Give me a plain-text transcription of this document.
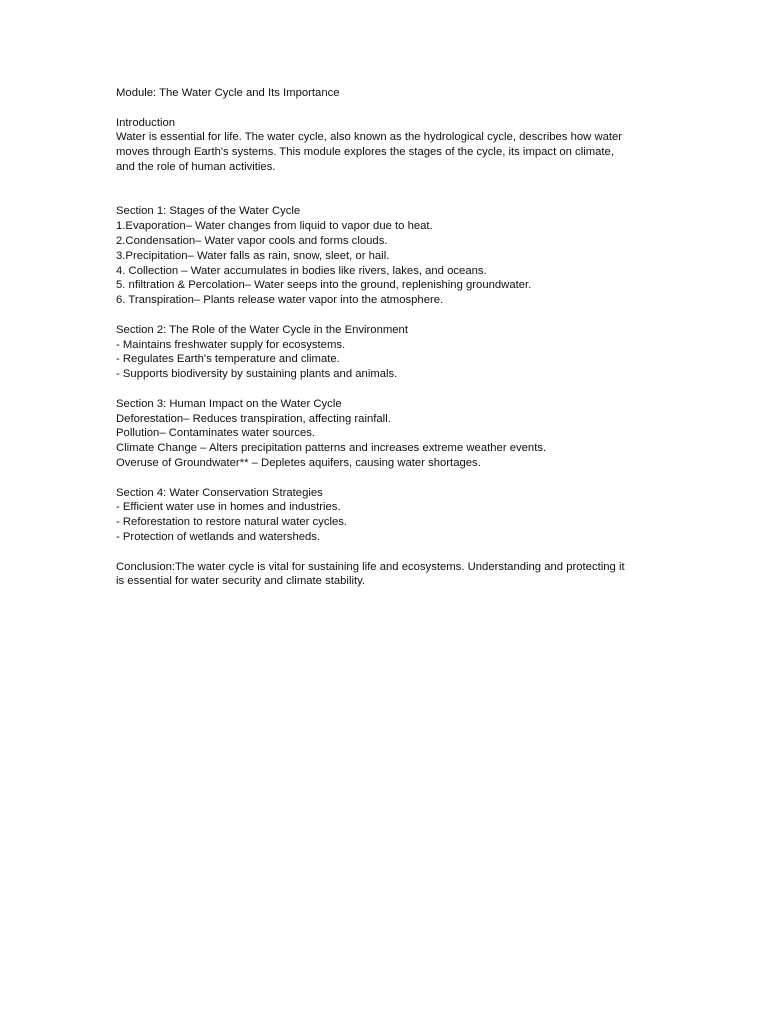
Module: The Water Cycle and Its Importance
Introduction
Water is essential for life. The water cycle, also known as the hydrological cycle, describes how water
moves through Earth's systems. This module explores the stages of the cycle, its impact on climate,
and the role of human activities.
Section 1: Stages of the Water Cycle
1.Evaporation– Water changes from liquid to vapor due to heat.
2.Condensation– Water vapor cools and forms clouds.
3.Precipitation– Water falls as rain, snow, sleet, or hail.
4. Collection – Water accumulates in bodies like rivers, lakes, and oceans.
5. nfiltration & Percolation– Water seeps into the ground, replenishing groundwater.
6. Transpiration– Plants release water vapor into the atmosphere.
Section 2: The Role of the Water Cycle in the Environment
- Maintains freshwater supply for ecosystems.
- Regulates Earth's temperature and climate.
- Supports biodiversity by sustaining plants and animals.
Section 3: Human Impact on the Water Cycle
Deforestation– Reduces transpiration, affecting rainfall.
Pollution– Contaminates water sources.
Climate Change – Alters precipitation patterns and increases extreme weather events.
Overuse of Groundwater** – Depletes aquifers, causing water shortages.
Section 4: Water Conservation Strategies
- Efficient water use in homes and industries.
- Reforestation to restore natural water cycles.
- Protection of wetlands and watersheds.
Conclusion:The water cycle is vital for sustaining life and ecosystems. Understanding and protecting it
is essential for water security and climate stability.
